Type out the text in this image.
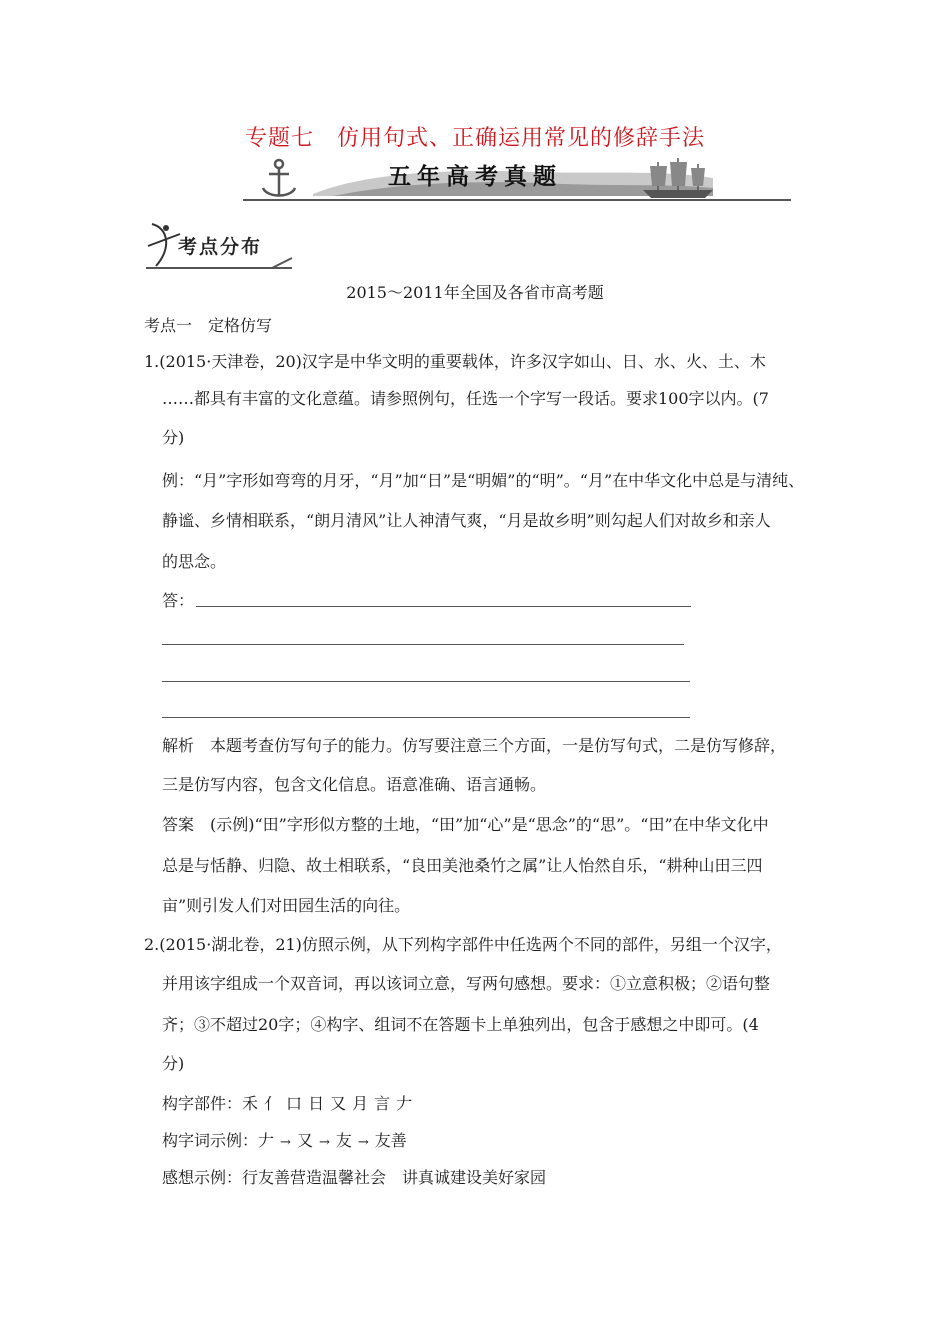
专题七　仿用句式、正确运用常见的修辞手法
五年高考真题
考点分布
2015～2011年全国及各省市高考题
考点一　定格仿写
1.(2015·天津卷，20)汉字是中华文明的重要载体，许多汉字如山、日、水、火、土、木
……都具有丰富的文化意蕴。请参照例句，任选一个字写一段话。要求100字以内。(7
分)
例：“月”字形如弯弯的月牙，“月”加“日”是“明媚”的“明”。“月”在中华文化中总是与清纯、
静谧、乡情相联系，“朗月清风”让人神清气爽，“月是故乡明”则勾起人们对故乡和亲人
的思念。
答：
解析　本题考查仿写句子的能力。仿写要注意三个方面，一是仿写句式，二是仿写修辞，
三是仿写内容，包含文化信息。语意准确、语言通畅。
答案　(示例)“田”字形似方整的土地，“田”加“心”是“思念”的“思”。“田”在中华文化中
总是与恬静、归隐、故土相联系，“良田美池桑竹之属”让人怡然自乐，“耕种山田三四
亩”则引发人们对田园生活的向往。
2.(2015·湖北卷，21)仿照示例，从下列构字部件中任选两个不同的部件，另组一个汉字，
并用该字组成一个双音词，再以该词立意，写两句感想。要求：①立意积极；②语句整
齐；③不超过20字；④构字、组词不在答题卡上单独列出，包含于感想之中即可。(4
分)
构字部件：禾 亻 口 日 又 月 言 𠂇
构字词示例：𠂇 → 又 → 友 → 友善
感想示例：行友善营造温馨社会　讲真诚建设美好家园
